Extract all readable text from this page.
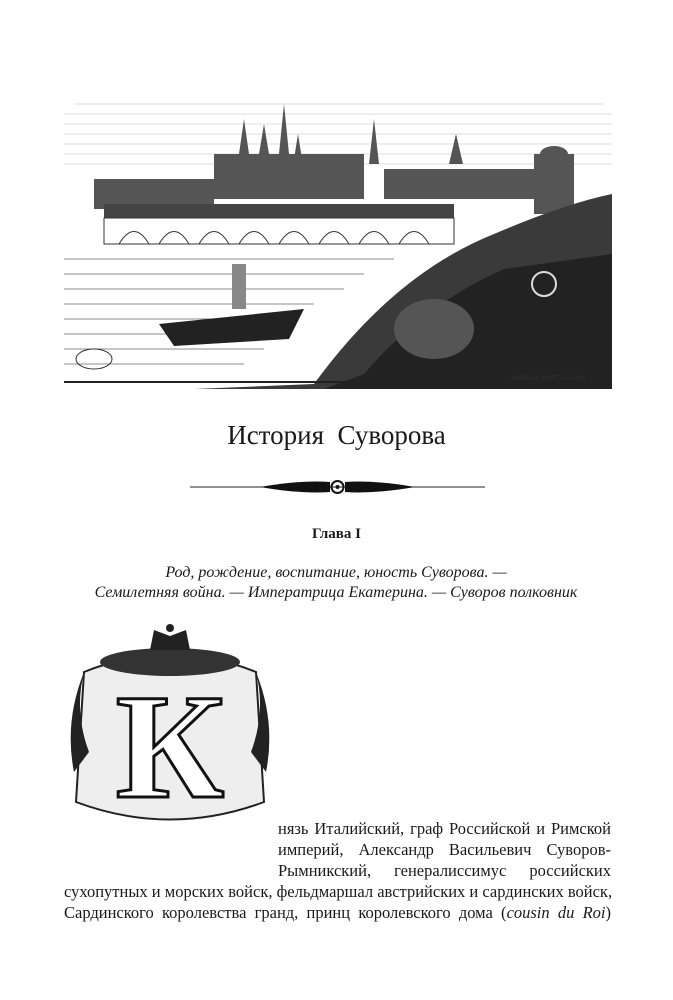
ANDREW BEST LELOIR
История  Суворова
Глава I
Род, рождение, воспитание, юность Суворова. —
Семилетняя война. — Императрица Екатерина. — Суворов полковник
К	нязь Италийский, граф Российской и Римской
империй, Александр Васильевич Суворов-
Рымникский, генералиссимус российских
сухопутных и морских войск, фельдмаршал австрийских и сардинских войск,
Сардинского королевства гранд, принц королевского дома (cousin du Roi)
